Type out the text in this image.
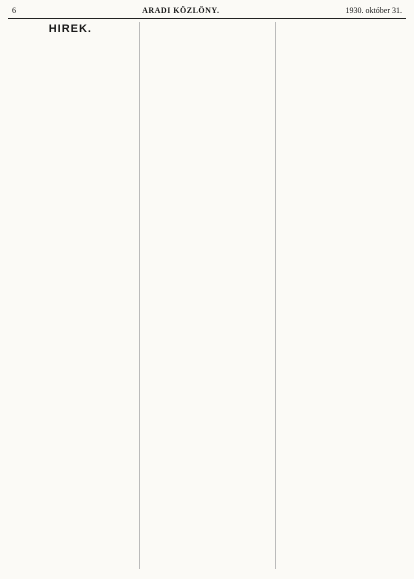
6	ARADI KÖZLÖNY.	1930. október 31.
HIREK.
